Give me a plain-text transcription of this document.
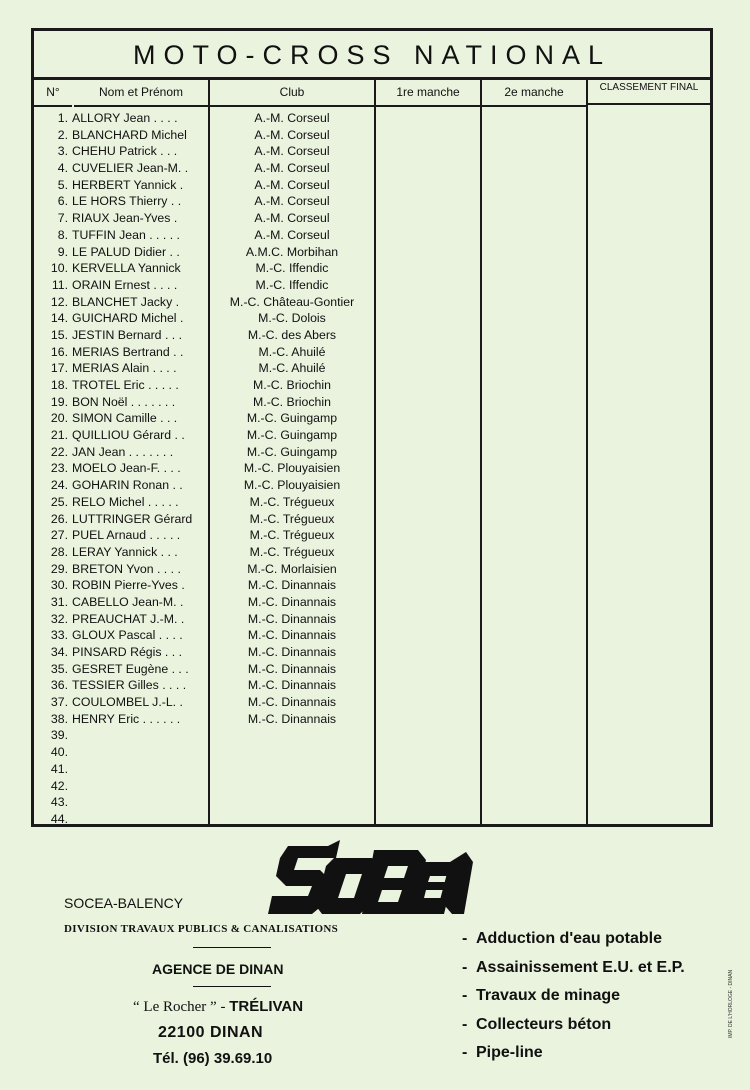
MOTO-CROSS NATIONAL
N°	Nom et Prénom	Club	1re manche	2e manche	CLASSEMENT FINAL
1. ALLORY Jean . . . .	A.-M. Corseul
2. BLANCHARD Michel	A.-M. Corseul
3. CHEHU Patrick . . .	A.-M. Corseul
4. CUVELIER Jean-M. .	A.-M. Corseul
5. HERBERT Yannick .	A.-M. Corseul
6. LE HORS Thierry . .	A.-M. Corseul
7. RIAUX Jean-Yves .	A.-M. Corseul
8. TUFFIN Jean . . . . .	A.-M. Corseul
9. LE PALUD Didier . .	A.M.C. Morbihan
10. KERVELLA Yannick	M.-C. Iffendic
11. ORAIN Ernest . . . .	M.-C. Iffendic
12. BLANCHET Jacky .	M.-C. Château-Gontier
14. GUICHARD Michel .	M.-C. Dolois
15. JESTIN Bernard . . .	M.-C. des Abers
16. MERIAS Bertrand . .	M.-C. Ahuilé
17. MERIAS Alain . . . .	M.-C. Ahuilé
18. TROTEL Eric . . . . .	M.-C. Briochin
19. BON Noël . . . . . . .	M.-C. Briochin
20. SIMON Camille . . .	M.-C. Guingamp
21. QUILLIOU Gérard . .	M.-C. Guingamp
22. JAN Jean . . . . . . .	M.-C. Guingamp
23. MOELO Jean-F. . . .	M.-C. Plouyaisien
24. GOHARIN Ronan . .	M.-C. Plouyaisien
25. RELO Michel . . . . .	M.-C. Trégueux
26. LUTTRINGER Gérard	M.-C. Trégueux
27. PUEL Arnaud . . . . .	M.-C. Trégueux
28. LERAY Yannick . . .	M.-C. Trégueux
29. BRETON Yvon . . . .	M.-C. Morlaisien
30. ROBIN Pierre-Yves .	M.-C. Dinannais
31. CABELLO Jean-M. .	M.-C. Dinannais
32. PREAUCHAT J.-M. .	M.-C. Dinannais
33. GLOUX Pascal . . . .	M.-C. Dinannais
34. PINSARD Régis . . .	M.-C. Dinannais
35. GESRET Eugène . . .	M.-C. Dinannais
36. TESSIER Gilles . . . .	M.-C. Dinannais
37. COULOMBEL J.-L. .	M.-C. Dinannais
38. HENRY Eric . . . . . .	M.-C. Dinannais
39.
40.
41.
42.
43.
44.
SOCEA-BALENCY
DIVISION TRAVAUX PUBLICS & CANALISATIONS
AGENCE DE DINAN
“ Le Rocher ” - TRÉLIVAN
22100 DINAN
Tél. (96) 39.69.10
- Adduction d'eau potable
- Assainissement E.U. et E.P.
- Travaux de minage
- Collecteurs béton
- Pipe-line
IMP. DE L'HORLOGE - DINAN
